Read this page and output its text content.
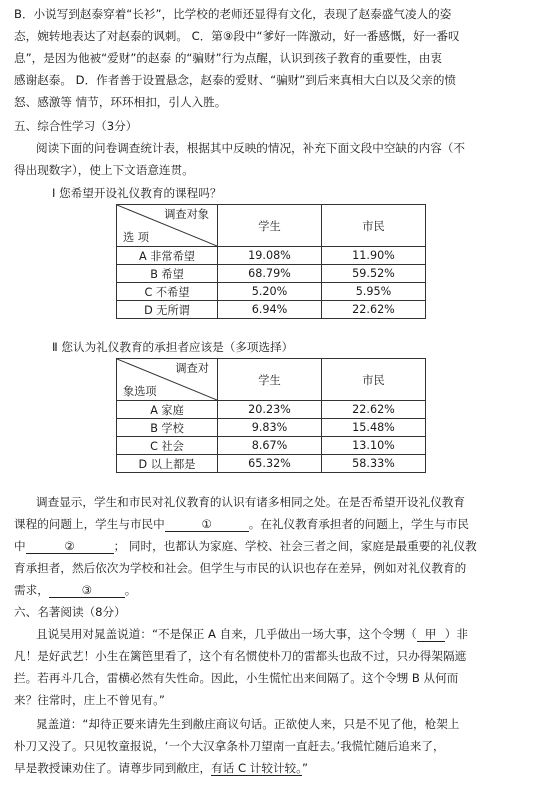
B．小说写到赵泰穿着“长衫”，比学校的老师还显得有文化，表现了赵泰盛气凌人的姿
态，婉转地表达了对赵泰的讽刺。 C．第⑨段中“爹好一阵激动，好一番感慨，好一番叹
息”，是因为他被“爱财”的赵泰 的“骗财”行为点醒，认识到孩子教育的重要性，由衷
感谢赵泰。 D．作者善于设置悬念，赵泰的爱财、“骗财”到后来真相大白以及父亲的愤
怒、感激等 情节，环环相扣，引人入胜。
五、综合性学习（3分）
阅读下面的问卷调查统计表，根据其中反映的情况，补充下面文段中空缺的内容（不
得出现数字），使上下文语意连贯。
Ⅰ 您希望开设礼仪教育的课程吗？
调查对象
选 项	学生	市民
A 非常希望	19.08%	11.90%
B 希望	68.79%	59.52%
C 不希望	5.20%	5.95%
D 无所谓	6.94%	22.62%
Ⅱ 您认为礼仪教育的承担者应该是（多项选择）
调查对
象选项	学生	市民
A 家庭	20.23%	22.62%
B 学校	9.83%	15.48%
C 社会	8.67%	13.10%
D 以上都是	65.32%	58.33%
调查显示，学生和市民对礼仪教育的认识有诸多相同之处。在是否希望开设礼仪教育
课程的问题上，学生与市民中	①	。在礼仪教育承担者的问题上，学生与市民
中	②	； 同时，也都认为家庭、学校、社会三者之间，家庭是最重要的礼仪教
育承担者，然后依次为学校和社会。但学生与市民的认识也存在差异，例如对礼仪教育的
需求，	③	。
六、名著阅读（8分）
且说吴用对晁盖说道：“不是保正 A 自来，几乎做出一场大事，这个令甥（ 甲 ）非
凡！是好武艺！小生在篱笆里看了，这个有名惯使朴刀的雷都头也敌不过，只办得架隔遮
拦。若再斗几合，雷横必然有失性命。因此，小生慌忙出来间隔了。这个令甥 B 从何而
来？往常时，庄上不曾见有。”
晁盖道：“却待正要来请先生到敝庄商议句话。正欲使人来，只是不见了他，枪架上
朴刀又没了。只见牧童报说，‘一个大汉拿条朴刀望南一直赶去。’我慌忙随后追来了，
早是教授谏劝住了。请尊步同到敝庄，有话 C 计较计较。”
